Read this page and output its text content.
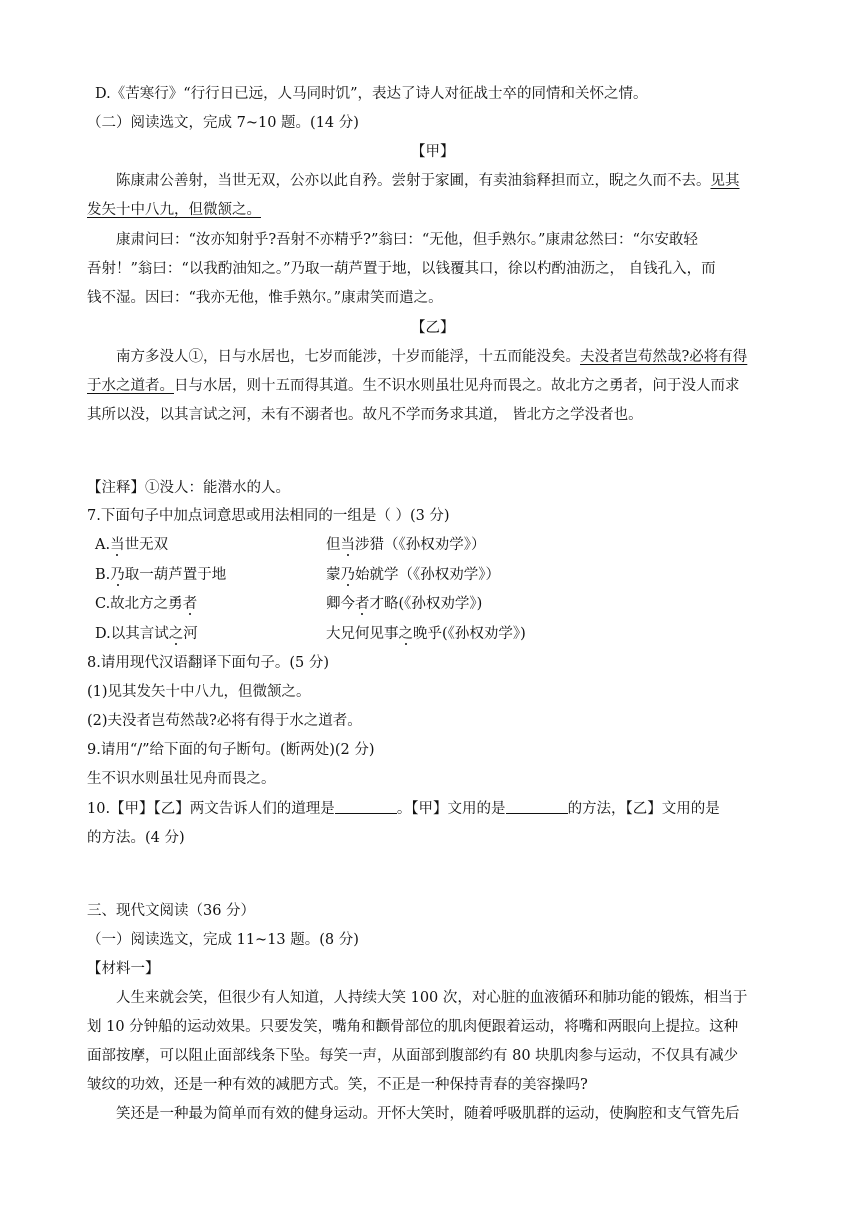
D.《苦寒行》“行行日已远，人马同时饥”，表达了诗人对征战士卒的同情和关怀之情。
（二）阅读选文，完成 7~10 题。(14 分)
【甲】
陈康肃公善射，当世无双，公亦以此自矜。尝射于家圃，有卖油翁释担而立，睨之久而不去。见其
发矢十中八九，但微颔之。
康肃问曰：“汝亦知射乎?吾射不亦精乎?”翁曰：“无他，但手熟尔。”康肃忿然曰：“尔安敢轻
吾射！”翁曰：“以我酌油知之。”乃取一葫芦置于地，以钱覆其口，徐以杓酌油沥之， 自钱孔入，而
钱不湿。因曰：“我亦无他，惟手熟尔。”康肃笑而遣之。
【乙】
南方多没人①，日与水居也，七岁而能涉，十岁而能浮，十五而能没矣。夫没者岂苟然哉?必将有得
于水之道者。日与水居，则十五而得其道。生不识水则虽壮见舟而畏之。故北方之勇者，问于没人而求
其所以没，以其言试之河，未有不溺者也。故凡不学而务求其道， 皆北方之学没者也。
【注释】①没人：能潜水的人。
7.下面句子中加点词意思或用法相同的一组是（ ）(3 分)
A.当世无双	但当涉猎（《孙权劝学》）
B.乃取一葫芦置于地	蒙乃始就学（《孙权劝学》）
C.故北方之勇者	卿今者才略(《孙权劝学》)
D.以其言试之河	大兄何见事之晚乎(《孙权劝学》)
8.请用现代汉语翻译下面句子。(5 分)
(1)见其发矢十中八九，但微颔之。
(2)夫没者岂苟然哉?必将有得于水之道者。
9.请用“/”给下面的句子断句。(断两处)(2 分)
生不识水则虽壮见舟而畏之。
10.【甲】【乙】两文告诉人们的道理是	。【甲】文用的是	的方法，【乙】文用的是
的方法。(4 分)
三、现代文阅读（36 分）
（一）阅读选文，完成 11~13 题。(8 分)
【材料一】
人生来就会笑，但很少有人知道，人持续大笑 100 次，对心脏的血液循环和肺功能的锻炼，相当于
划 10 分钟船的运动效果。只要发笑，嘴角和颧骨部位的肌肉便跟着运动，将嘴和两眼向上提拉。这种
面部按摩，可以阻止面部线条下坠。每笑一声，从面部到腹部约有 80 块肌肉参与运动，不仅具有减少
皱纹的功效，还是一种有效的减肥方式。笑，不正是一种保持青春的美容操吗?
笑还是一种最为简单而有效的健身运动。开怀大笑时，随着呼吸肌群的运动，使胸腔和支气管先后
